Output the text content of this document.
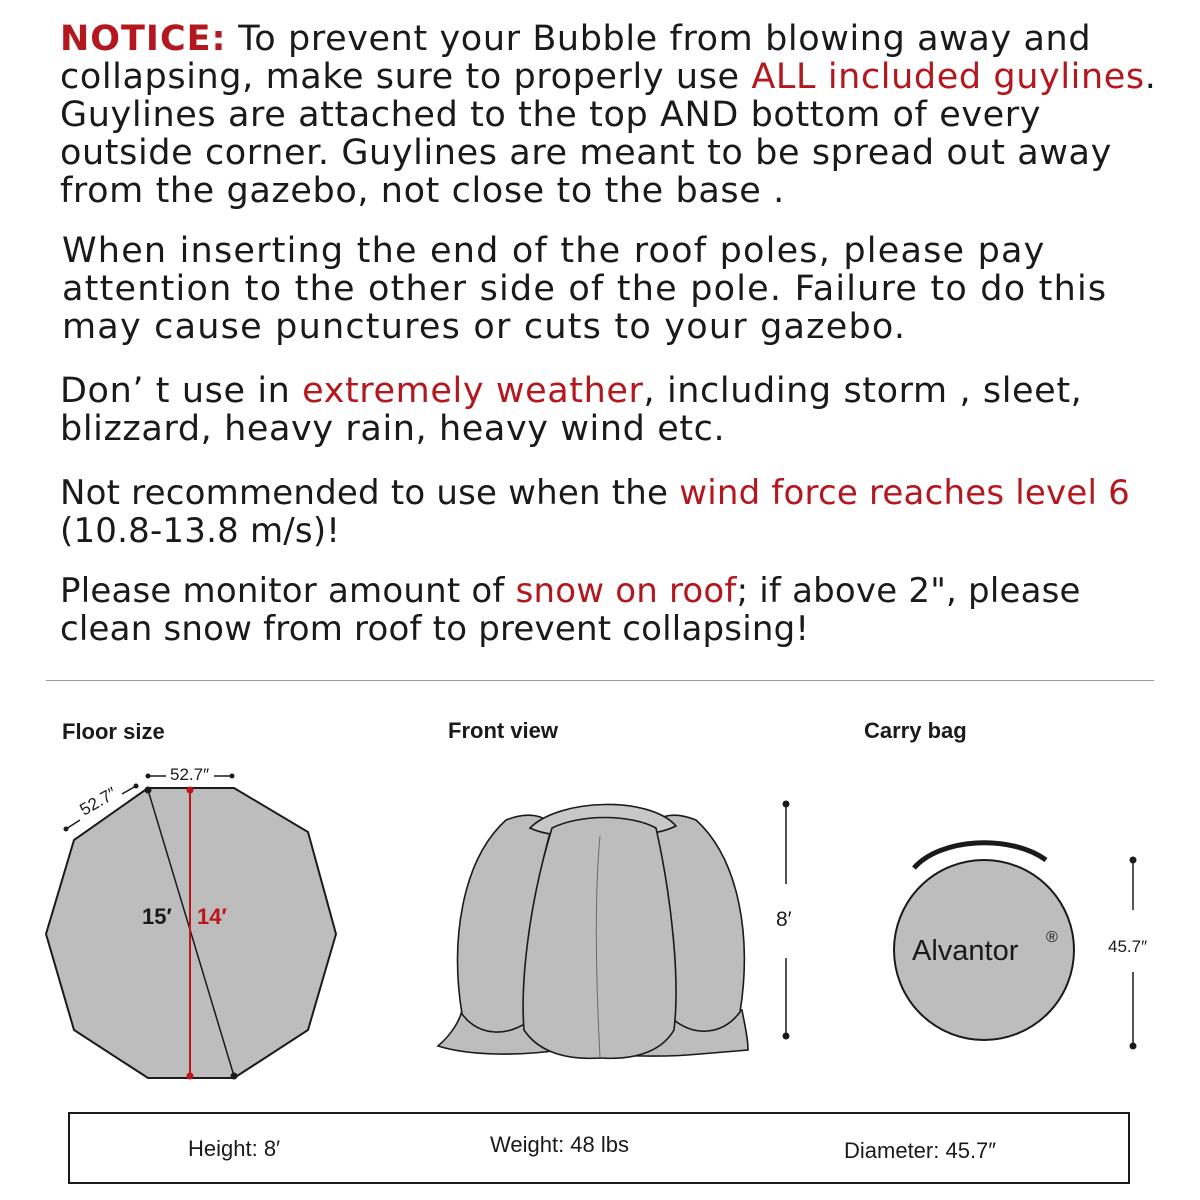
NOTICE: To prevent your Bubble from blowing away and
collapsing, make sure to properly use ALL included guylines.
Guylines are attached to the top AND bottom of every
outside corner. Guylines are meant to be spread out away
from the gazebo, not close to the base .

When inserting the end of the roof poles, please pay
attention to the other side of the pole. Failure to do this
may cause punctures or cuts to your gazebo.

Don’ t use in extremely weather, including storm , sleet,
blizzard, heavy rain, heavy wind etc.

Not recommended to use when the wind force reaches level 6
(10.8-13.8 m/s)!

Please monitor amount of snow on roof; if above 2", please
clean snow from roof to prevent collapsing!

Floor size	Front view	Carry bag
15′ 14′
52.7″
52.7″
8′
Alvantor ®	45.7″
Height: 8′	Weight: 48 lbs	Diameter: 45.7″
